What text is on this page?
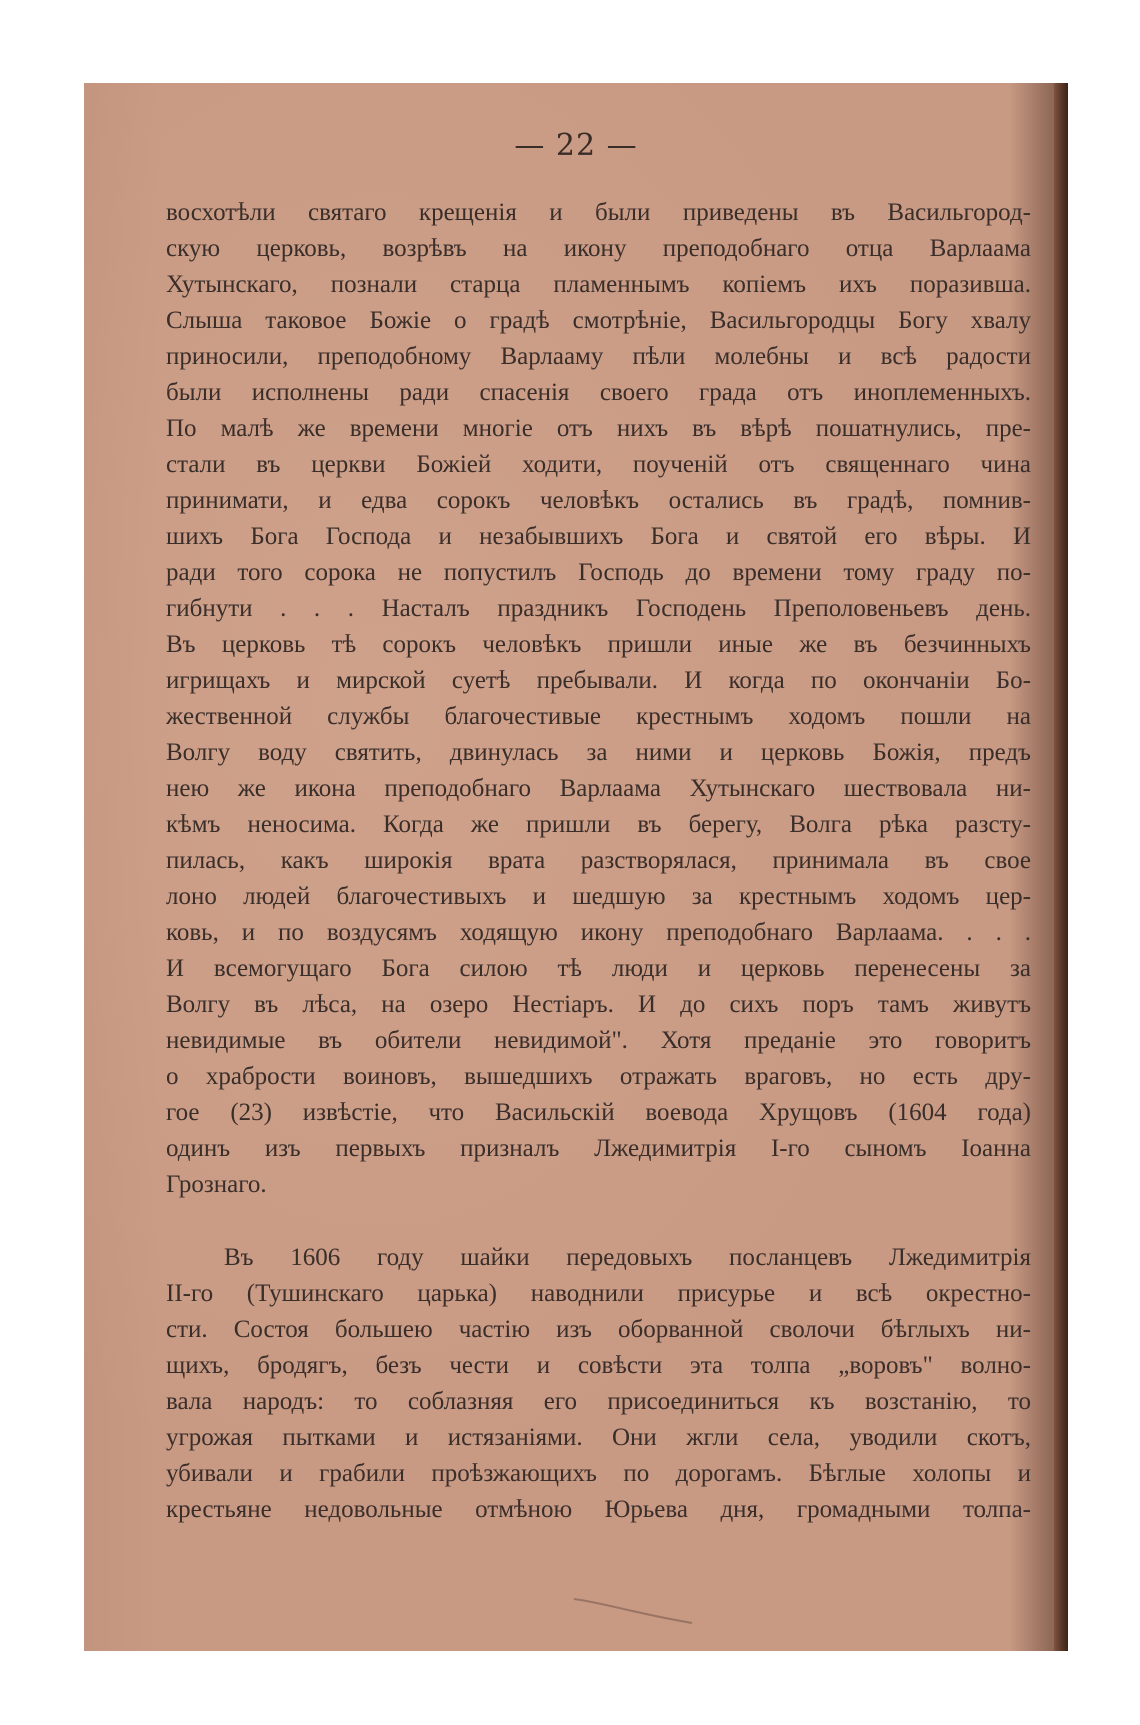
— 22 —
восхотѣли святаго крещенія и были приведены въ Васильгород-
скую церковь, возрѣвъ на икону преподобнаго отца Варлаама
Хутынскаго, познали старца пламеннымъ копіемъ ихъ поразивша.
Слыша таковое Божіе о градѣ смотрѣніе, Васильгородцы Богу хвалу
приносили, преподобному Варлааму пѣли молебны и всѣ радости
были исполнены ради спасенія своего града отъ иноплеменныхъ.
По малѣ же времени многіе отъ нихъ въ вѣрѣ пошатнулись, пре-
стали въ церкви Божіей ходити, поученій отъ священнаго чина
принимати, и едва сорокъ человѣкъ остались въ градѣ, помнив-
шихъ Бога Господа и незабывшихъ Бога и святой его вѣры. И
ради того сорока не попустилъ Господь до времени тому граду по-
гибнути . . . Насталъ праздникъ Господень Преполовеньевъ день.
Въ церковь тѣ сорокъ человѣкъ пришли иные же въ безчинныхъ
игрищахъ и мирской суетѣ пребывали. И когда по окончаніи Бо-
жественной службы благочестивые крестнымъ ходомъ пошли на
Волгу воду святить, двинулась за ними и церковь Божія, предъ
нею же икона преподобнаго Варлаама Хутынскаго шествовала ни-
кѣмъ неносима. Когда же пришли въ берегу, Волга рѣка разсту-
пилась, какъ широкія врата разстворялася, принимала въ свое
лоно людей благочестивыхъ и шедшую за крестнымъ ходомъ цер-
ковь, и по воздусямъ ходящую икону преподобнаго Варлаама. . . .
И всемогущаго Бога силою тѣ люди и церковь перенесены за
Волгу въ лѣса, на озеро Нестіаръ. И до сихъ поръ тамъ живутъ
невидимые въ обители невидимой". Хотя преданіе это говоритъ
о храбрости воиновъ, вышедшихъ отражать враговъ, но есть дру-
гое (23) извѣстіе, что Васильскій воевода Хрущовъ (1604 года)
одинъ изъ первыхъ призналъ Лжедимитрія I-го сыномъ Іоанна
Грознаго.
Въ 1606 году шайки передовыхъ посланцевъ Лжедимитрія
II-го (Тушинскаго царька) наводнили присурье и всѣ окрестно-
сти. Состоя большею частію изъ оборванной сволочи бѣглыхъ ни-
щихъ, бродягъ, безъ чести и совѣсти эта толпа „воровъ" волно-
вала народъ: то соблазняя его присоединиться къ возстанію, то
угрожая пытками и истязаніями. Они жгли села, уводили скотъ,
убивали и грабили проѣзжающихъ по дорогамъ. Бѣглые холопы и
крестьяне недовольные отмѣною Юрьева дня, громадными толпа-
